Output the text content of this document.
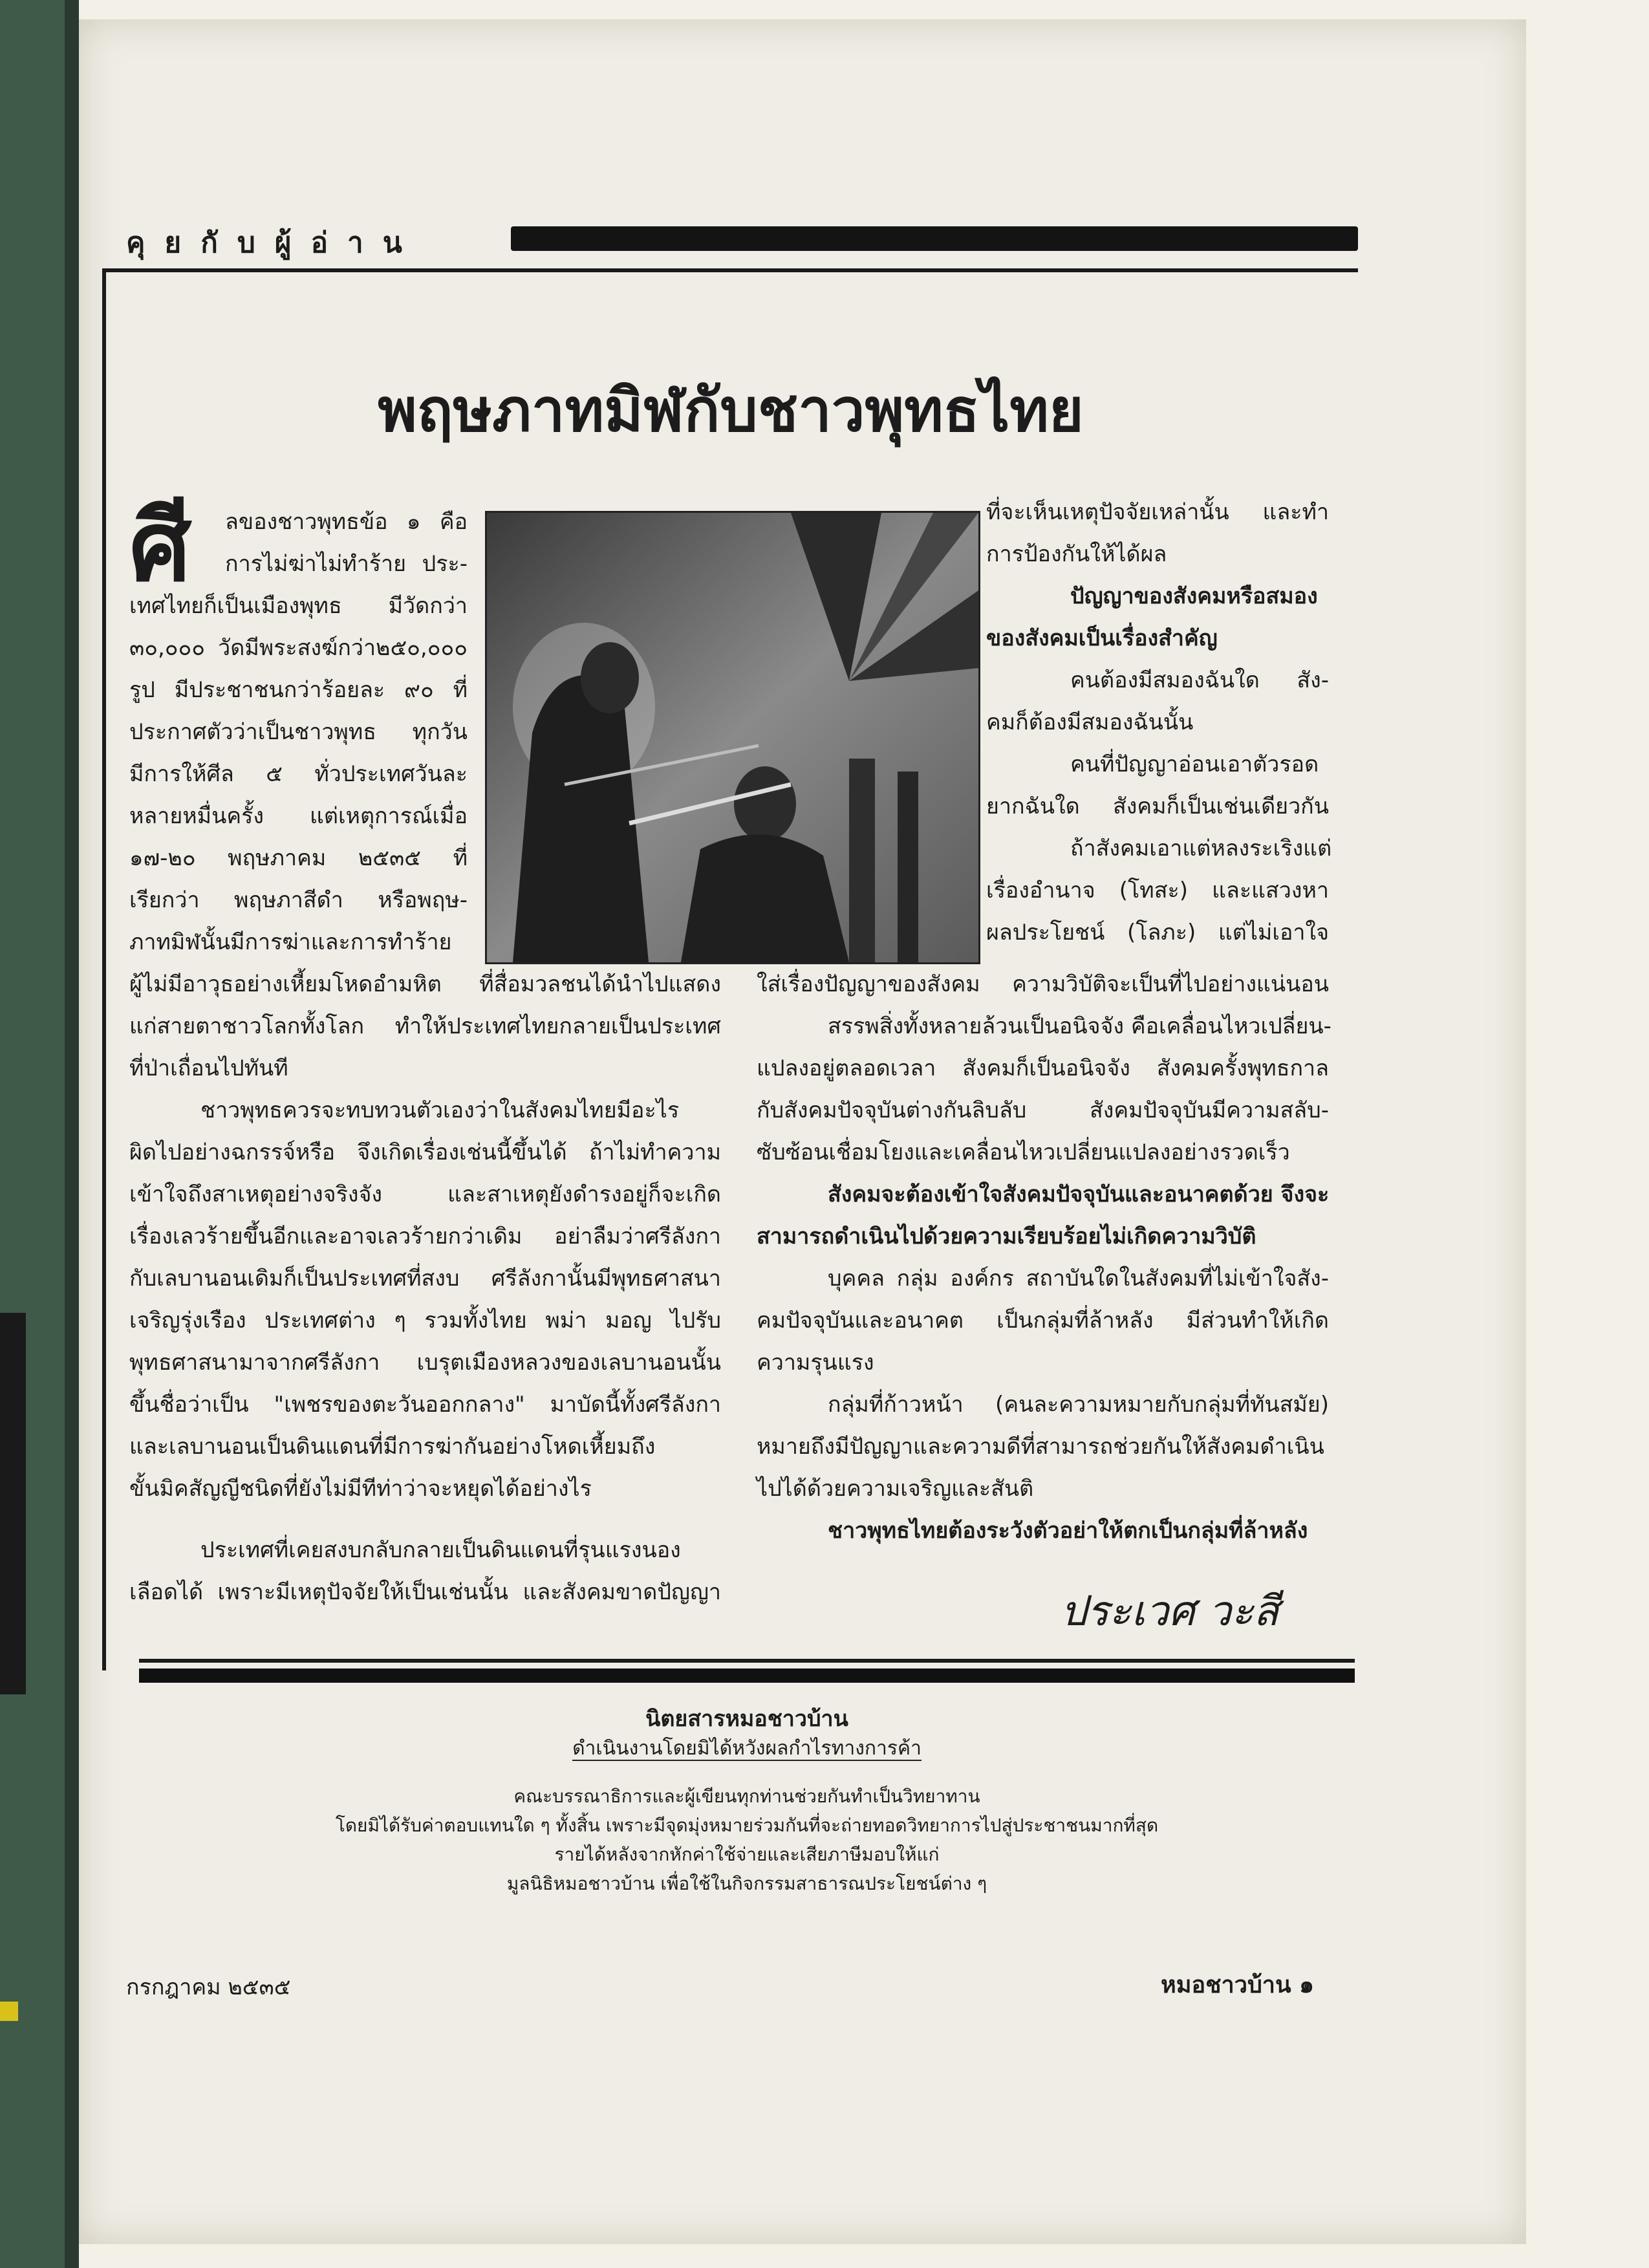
คุยกับผู้อ่าน
พฤษภาทมิฬกับชาวพุทธไทย
ศี ลของชาวพุทธข้อ ๑ คือ
การไม่ฆ่าไม่ทำร้าย ประ-
เทศไทยก็เป็นเมืองพุทธ มีวัดกว่า
๓๐,๐๐๐ วัดมีพระสงฆ์กว่า๒๕๐,๐๐๐
รูป มีประชาชนกว่าร้อยละ ๙๐ ที่
ประกาศตัวว่าเป็นชาวพุทธ ทุกวัน
มีการให้ศีล ๕ ทั่วประเทศวันละ
หลายหมื่นครั้ง แต่เหตุการณ์เมื่อ
๑๗-๒๐ พฤษภาคม ๒๕๓๕ ที่
เรียกว่า พฤษภาสีดำ หรือพฤษ-
ภาทมิฬนั้นมีการฆ่าและการทำร้าย
ผู้ไม่มีอาวุธอย่างเหี้ยมโหดอำมหิต ที่สื่อมวลชนได้นำไปแสดง
แก่สายตาชาวโลกทั้งโลก ทำให้ประเทศไทยกลายเป็นประเทศ
ที่ป่าเถื่อนไปทันที
ชาวพุทธควรจะทบทวนตัวเองว่าในสังคมไทยมีอะไร
ผิดไปอย่างฉกรรจ์หรือ จึงเกิดเรื่องเช่นนี้ขึ้นได้ ถ้าไม่ทำความ
เข้าใจถึงสาเหตุอย่างจริงจัง และสาเหตุยังดำรงอยู่ก็จะเกิด
เรื่องเลวร้ายขึ้นอีกและอาจเลวร้ายกว่าเดิม อย่าลืมว่าศรีลังกา
กับเลบานอนเดิมก็เป็นประเทศที่สงบ ศรีลังกานั้นมีพุทธศาสนา
เจริญรุ่งเรือง ประเทศต่าง ๆ รวมทั้งไทย พม่า มอญ ไปรับ
พุทธศาสนามาจากศรีลังกา เบรุตเมืองหลวงของเลบานอนนั้น
ขึ้นชื่อว่าเป็น "เพชรของตะวันออกกลาง" มาบัดนี้ทั้งศรีลังกา
และเลบานอนเป็นดินแดนที่มีการฆ่ากันอย่างโหดเหี้ยมถึง
ขั้นมิคสัญญีชนิดที่ยังไม่มีทีท่าว่าจะหยุดได้อย่างไร
ประเทศที่เคยสงบกลับกลายเป็นดินแดนที่รุนแรงนอง
เลือดได้ เพราะมีเหตุปัจจัยให้เป็นเช่นนั้น และสังคมขาดปัญญา
ที่จะเห็นเหตุปัจจัยเหล่านั้น และทำ
การป้องกันให้ได้ผล
ปัญญาของสังคมหรือสมอง
ของสังคมเป็นเรื่องสำคัญ
คนต้องมีสมองฉันใด สัง-
คมก็ต้องมีสมองฉันนั้น
คนที่ปัญญาอ่อนเอาตัวรอด
ยากฉันใด สังคมก็เป็นเช่นเดียวกัน
ถ้าสังคมเอาแต่หลงระเริงแต่
เรื่องอำนาจ (โทสะ) และแสวงหา
ผลประโยชน์ (โลภะ) แต่ไม่เอาใจ
ใส่เรื่องปัญญาของสังคม ความวิบัติจะเป็นที่ไปอย่างแน่นอน
สรรพสิ่งทั้งหลายล้วนเป็นอนิจจัง คือเคลื่อนไหวเปลี่ยน-
แปลงอยู่ตลอดเวลา สังคมก็เป็นอนิจจัง สังคมครั้งพุทธกาล
กับสังคมปัจจุบันต่างกันลิบลับ สังคมปัจจุบันมีความสลับ-
ซับซ้อนเชื่อมโยงและเคลื่อนไหวเปลี่ยนแปลงอย่างรวดเร็ว
สังคมจะต้องเข้าใจสังคมปัจจุบันและอนาคตด้วย จึงจะ
สามารถดำเนินไปด้วยความเรียบร้อยไม่เกิดความวิบัติ
บุคคล กลุ่ม องค์กร สถาบันใดในสังคมที่ไม่เข้าใจสัง-
คมปัจจุบันและอนาคต เป็นกลุ่มที่ล้าหลัง มีส่วนทำให้เกิด
ความรุนแรง
กลุ่มที่ก้าวหน้า (คนละความหมายกับกลุ่มที่ทันสมัย)
หมายถึงมีปัญญาและความดีที่สามารถช่วยกันให้สังคมดำเนิน
ไปได้ด้วยความเจริญและสันติ
ชาวพุทธไทยต้องระวังตัวอย่าให้ตกเป็นกลุ่มที่ล้าหลัง
ประเวศ วะสี
นิตยสารหมอชาวบ้าน
ดำเนินงานโดยมิได้หวังผลกำไรทางการค้า
คณะบรรณาธิการและผู้เขียนทุกท่านช่วยกันทำเป็นวิทยาทาน
โดยมิได้รับค่าตอบแทนใด ๆ ทั้งสิ้น เพราะมีจุดมุ่งหมายร่วมกันที่จะถ่ายทอดวิทยาการไปสู่ประชาชนมากที่สุด
รายได้หลังจากหักค่าใช้จ่ายและเสียภาษีมอบให้แก่
มูลนิธิหมอชาวบ้าน เพื่อใช้ในกิจกรรมสาธารณประโยชน์ต่าง ๆ
กรกฎาคม ๒๕๓๕	หมอชาวบ้าน ๑
